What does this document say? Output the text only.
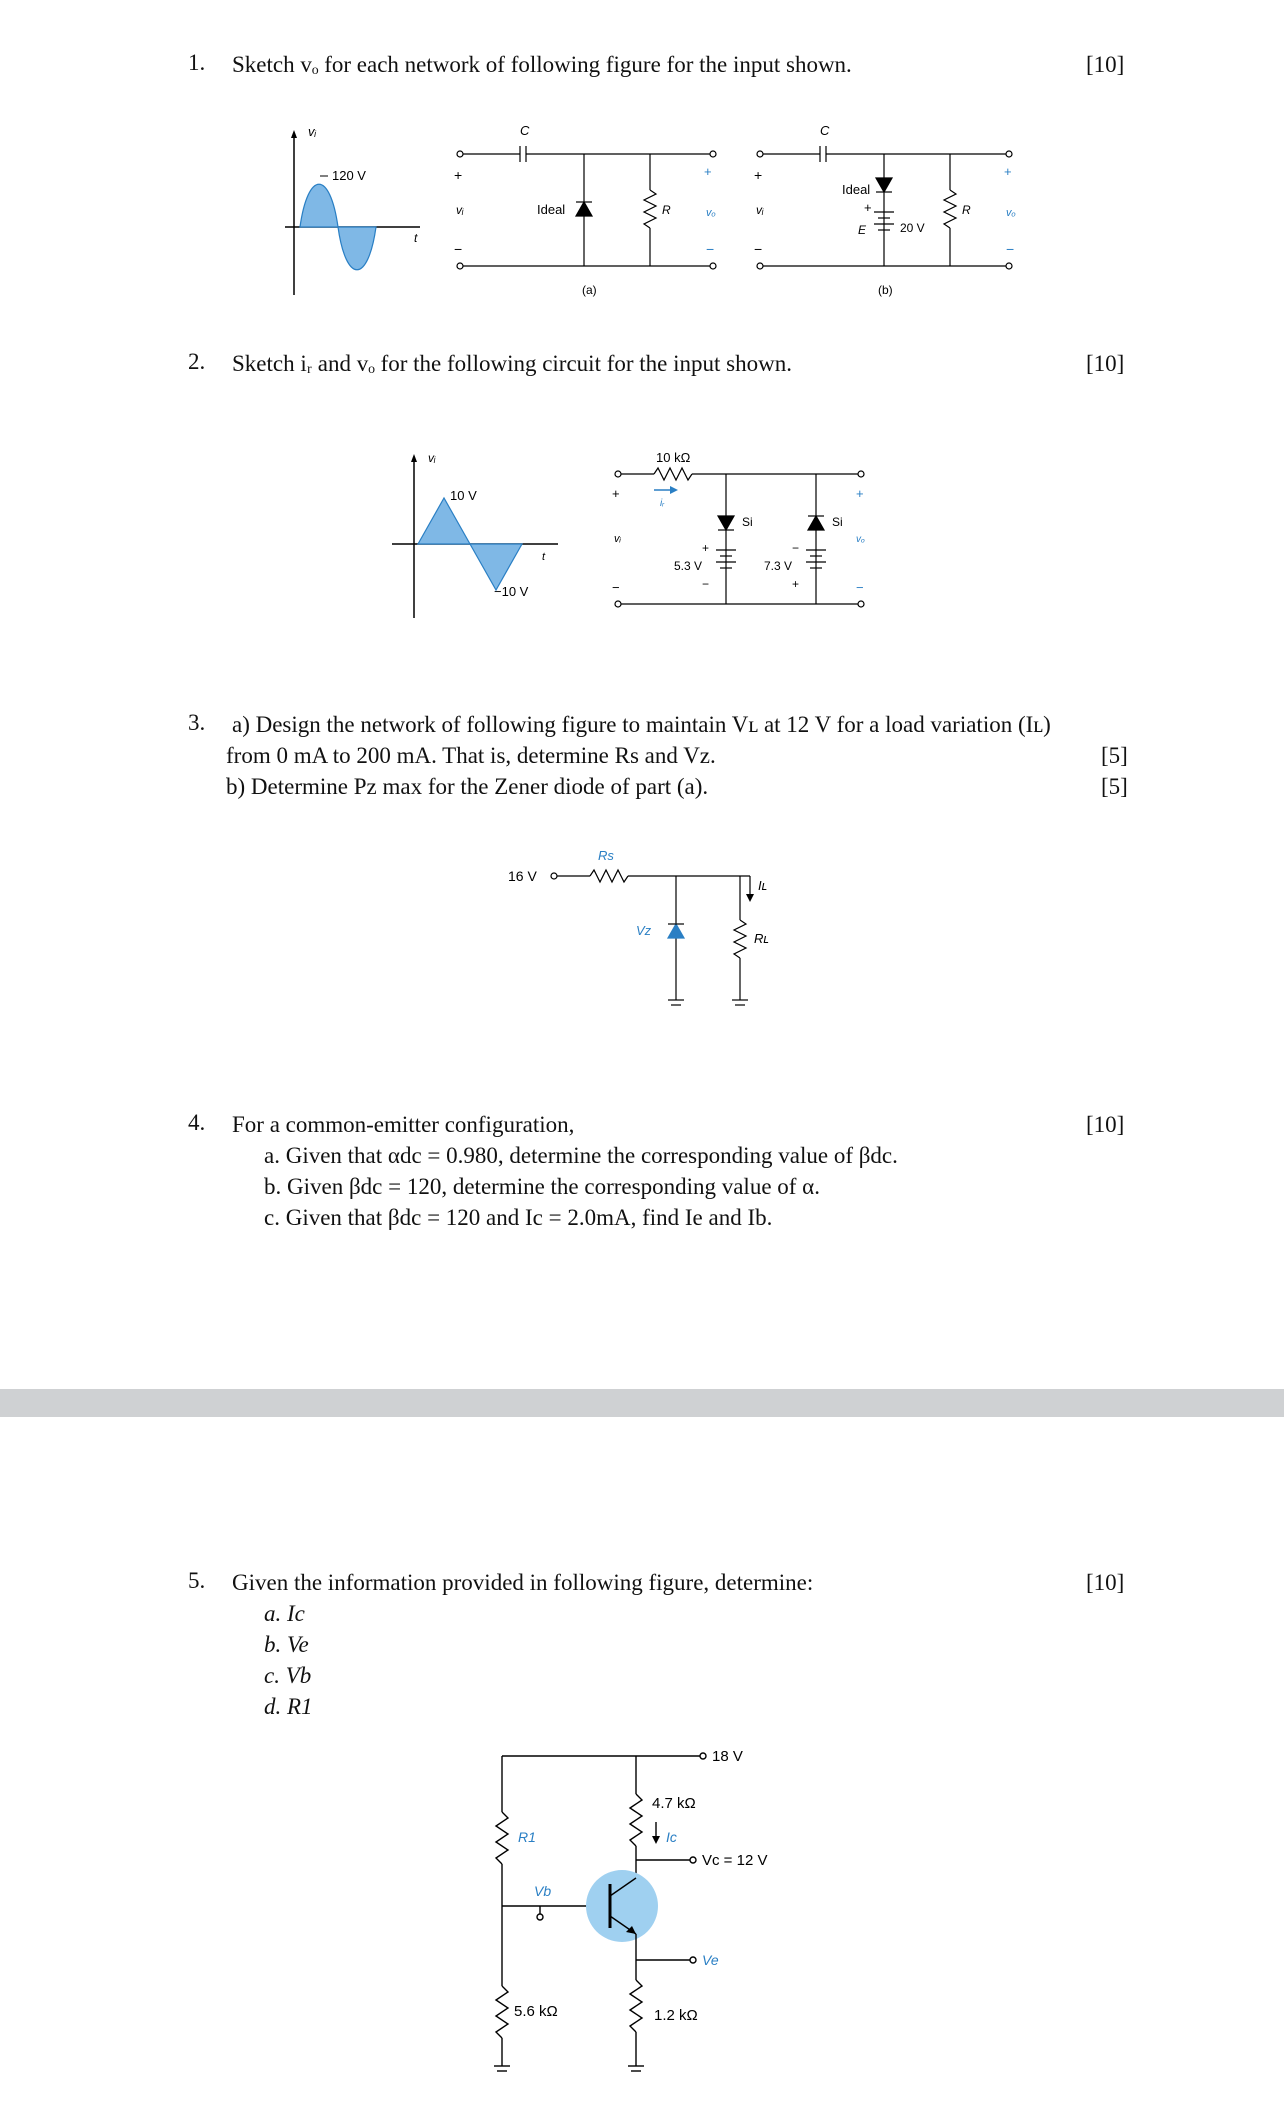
1. Sketch vₒ for each network of following figure for the input shown.	[10]
vᵢ
120 V
t
C
+
vᵢ
−
Ideal	R
+
vₒ
−
(a)
C
+
vᵢ
−
Ideal
+
E	20 V
R
+
vₒ
−
(b)
2. Sketch iᵣ and vₒ for the following circuit for the input shown.	[10]
vᵢ
10 V
−10 V
t
10 kΩ
iᵣ
Si	Si
+
5.3 V
−
−
7.3 V
+
+
vᵢ
−
+
vₒ
−
3. a) Design the network of following figure to maintain Vʟ at 12 V for a load variation (Iʟ)
from 0 mA to 200 mA. That is, determine Rs and Vz.	[5]
b) Determine Pz max for the Zener diode of part (a).	[5]
16 V
Rs
Vz
Iʟ
Rʟ
4. For a common-emitter configuration,	[10]
a. Given that αdc = 0.980, determine the corresponding value of βdc.
b. Given βdc = 120, determine the corresponding value of α.
c. Given that βdc = 120 and Ic = 2.0mA, find Ie and Ib.
5. Given the information provided in following figure, determine:	[10]
a. Ic
b. Ve
c. Vb
d. R1
18 V
4.7 kΩ
Ic
Vc = 12 V
R1
Vb
Ve
5.6 kΩ	1.2 kΩ
